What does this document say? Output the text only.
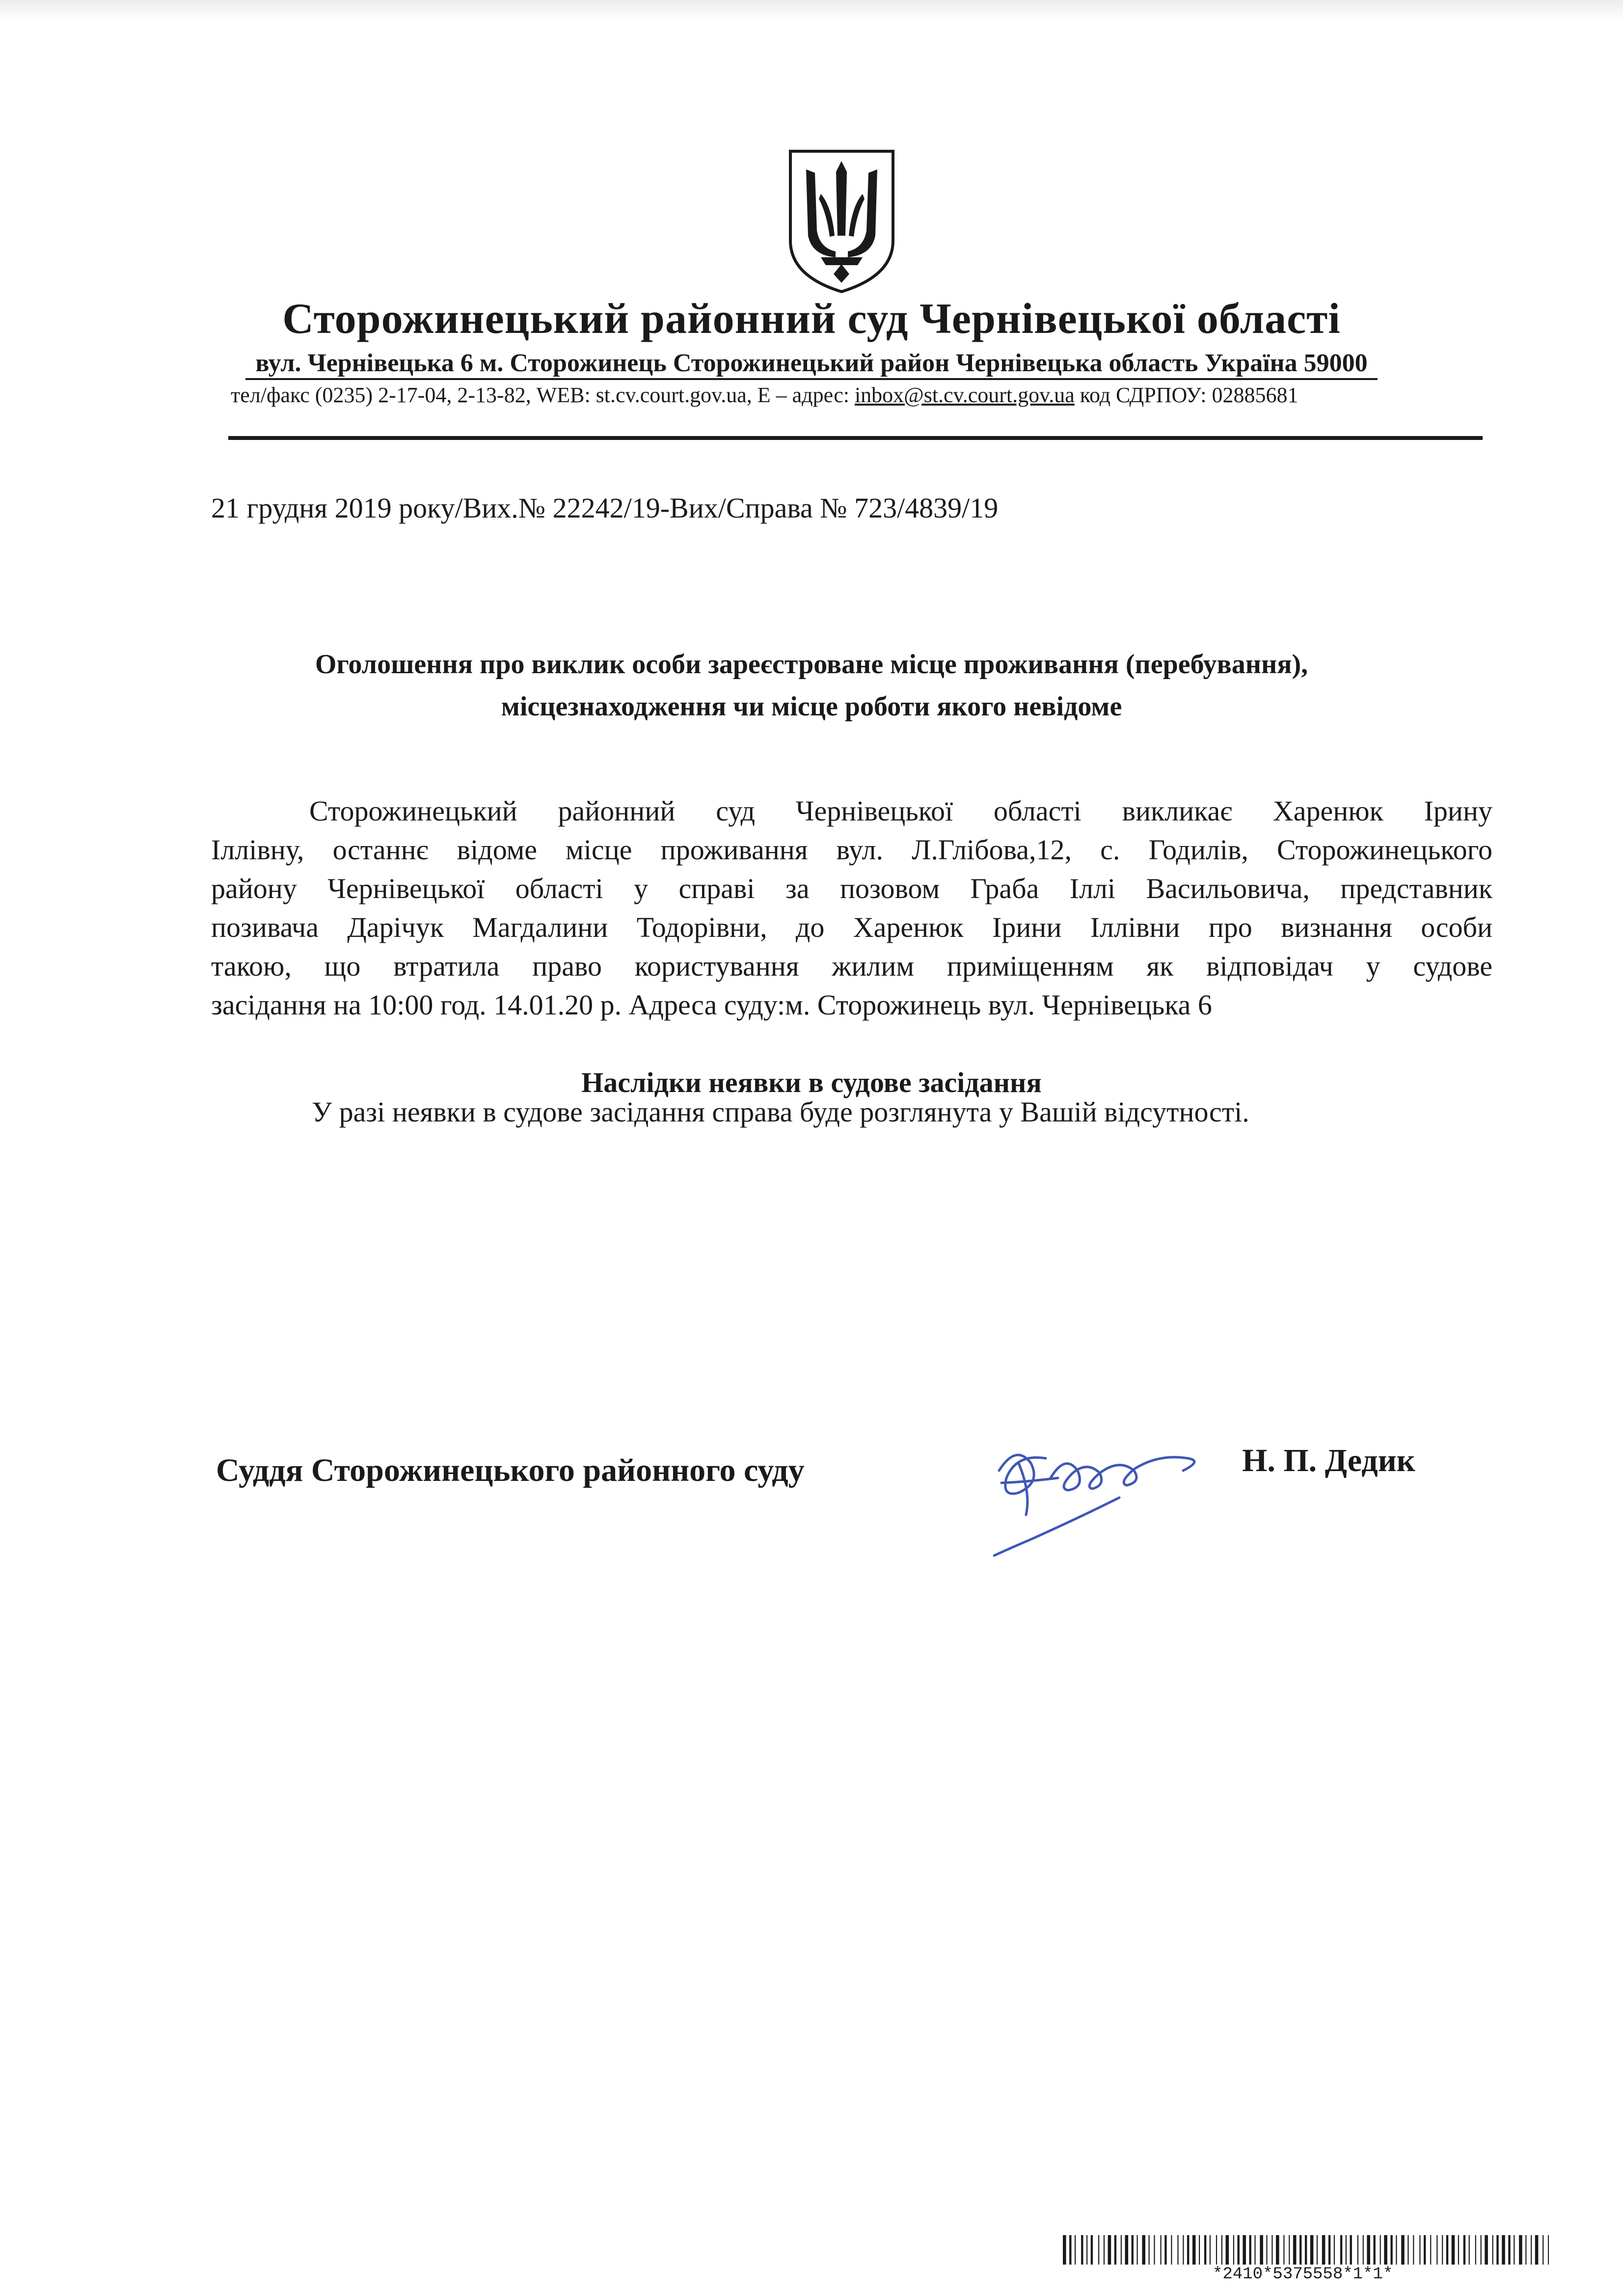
Сторожинецький районний суд Чернівецької області
вул. Чернівецька 6 м. Сторожинець Сторожинецький район Чернівецька область Україна 59000
тел/факс (0235) 2-17-04, 2-13-82, WEB: st.cv.court.gov.ua, E – адрес: inbox@st.cv.court.gov.ua код СДРПОУ: 02885681
21 грудня 2019 року/Вих.№ 22242/19-Вих/Справа № 723/4839/19
Оголошення про виклик особи зареєстроване місце проживання (перебування),
місцезнаходження чи місце роботи якого невідоме
Сторожинецький районний суд Чернівецької області викликає Харенюк Ірину
Іллівну, останнє відоме місце проживання вул. Л.Глібова,12, с. Годилів, Сторожинецького
району Чернівецької області у справі за позовом Граба Іллі Васильовича, представник
позивача Дарічук Магдалини Тодорівни, до Харенюк Ірини Іллівни про визнання особи
такою, що втратила право користування жилим приміщенням як відповідач у судове
засідання на 10:00 год. 14.01.20 р. Адреса суду:м. Сторожинець вул. Чернівецька 6
Наслідки неявки в судове засідання
У разі неявки в судове засідання справа буде розглянута у Вашій відсутності.
Суддя Сторожинецького районного суду	Н. П. Дедик
*2410*5375558*1*1*
